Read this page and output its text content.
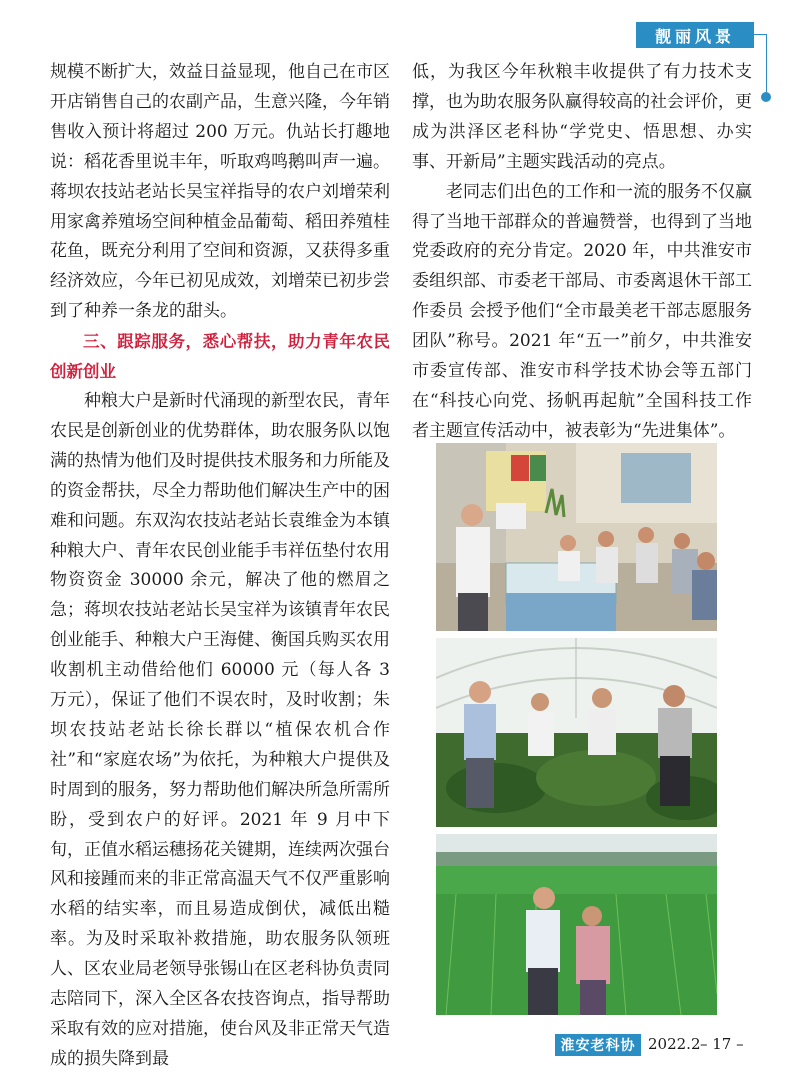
靓丽风景

规模不断扩大，效益日益显现，他自己在市区开店销售自己的农副产品，生意兴隆，今年销售收入预计将超过 200 万元。仇站长打趣地说：稻花香里说丰年，听取鸡鸣鹅叫声一遍。蒋坝农技站老站长吴宝祥指导的农户刘增荣利用家禽养殖场空间种植金品葡萄、稻田养殖桂花鱼，既充分利用了空间和资源，又获得多重经济效应，今年已初见成效，刘增荣已初步尝到了种养一条龙的甜头。

三、跟踪服务，悉心帮扶，助力青年农民创新创业

种粮大户是新时代涌现的新型农民，青年农民是创新创业的优势群体，助农服务队以饱满的热情为他们及时提供技术服务和力所能及的资金帮扶，尽全力帮助他们解决生产中的困难和问题。东双沟农技站老站长袁维金为本镇种粮大户、青年农民创业能手韦祥伍垫付农用物资资金 30000 余元，解决了他的燃眉之急；蒋坝农技站老站长吴宝祥为该镇青年农民创业能手、种粮大户王海健、衡国兵购买农用收割机主动借给他们 60000 元（每人各 3 万元），保证了他们不误农时，及时收割；朱坝农技站老站长徐长群以“植保农机合作社”和“家庭农场”为依托，为种粮大户提供及时周到的服务，努力帮助他们解决所急所需所盼，受到农户的好评。2021 年 9 月中下旬，正值水稻运穗扬花关键期，连续两次强台风和接踵而来的非正常高温天气不仅严重影响水稻的结实率，而且易造成倒伏，减低出糙率。为及时采取补救措施，助农服务队领班人、区农业局老领导张锡山在区老科协负责同志陪同下，深入全区各农技咨询点，指导帮助采取有效的应对措施，使台风及非正常天气造成的损失降到最

低，为我区今年秋粮丰收提供了有力技术支撑，也为助农服务队赢得较高的社会评价，更成为洪泽区老科协“学党史、悟思想、办实事、开新局”主题实践活动的亮点。

老同志们出色的工作和一流的服务不仅赢得了当地干部群众的普遍赞誉，也得到了当地党委政府的充分肯定。2020 年，中共淮安市委组织部、市委老干部局、市委离退休干部工作委员 会授予他们“全市最美老干部志愿服务团队”称号。2021 年“五一”前夕，中共淮安市委宣传部、淮安市科学技术协会等五部门在“科技心向党、扬帆再起航”全国科技工作者主题宣传活动中，被表彰为“先进集体”。

淮安老科协 2022.2 – 17 –
